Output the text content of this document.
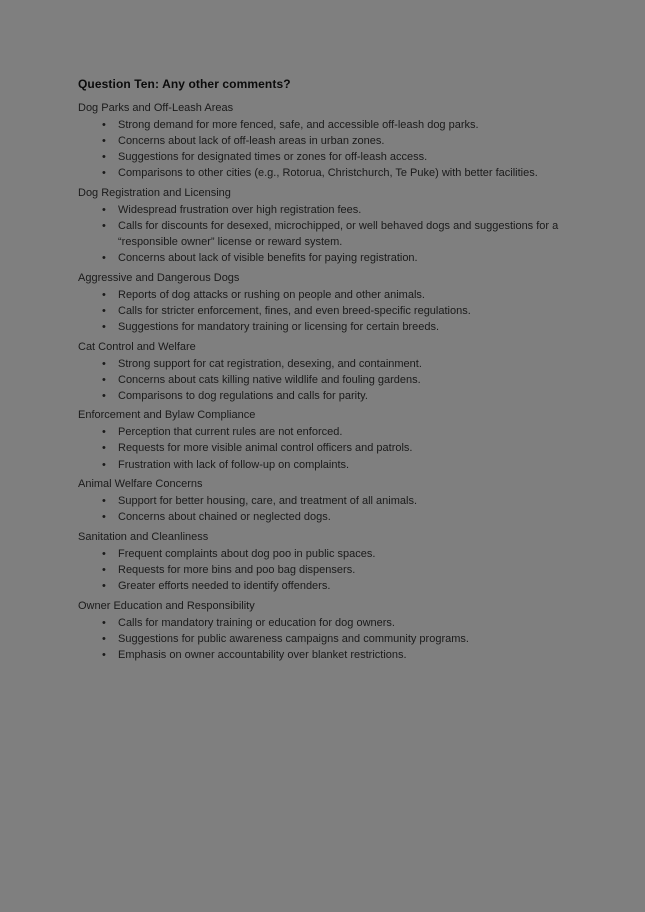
Question Ten: Any other comments?
Dog Parks and Off-Leash Areas
• Strong demand for more fenced, safe, and accessible off-leash dog parks.
• Concerns about lack of off-leash areas in urban zones.
• Suggestions for designated times or zones for off-leash access.
• Comparisons to other cities (e.g., Rotorua, Christchurch, Te Puke) with better facilities.
Dog Registration and Licensing
• Widespread frustration over high registration fees.
• Calls for discounts for desexed, microchipped, or well behaved dogs and suggestions for a “responsible owner” license or reward system.
• Concerns about lack of visible benefits for paying registration.
Aggressive and Dangerous Dogs
• Reports of dog attacks or rushing on people and other animals.
• Calls for stricter enforcement, fines, and even breed-specific regulations.
• Suggestions for mandatory training or licensing for certain breeds.
Cat Control and Welfare
• Strong support for cat registration, desexing, and containment.
• Concerns about cats killing native wildlife and fouling gardens.
• Comparisons to dog regulations and calls for parity.
Enforcement and Bylaw Compliance
• Perception that current rules are not enforced.
• Requests for more visible animal control officers and patrols.
• Frustration with lack of follow-up on complaints.
Animal Welfare Concerns
• Support for better housing, care, and treatment of all animals.
• Concerns about chained or neglected dogs.
Sanitation and Cleanliness
• Frequent complaints about dog poo in public spaces.
• Requests for more bins and poo bag dispensers.
• Greater efforts needed to identify offenders.
Owner Education and Responsibility
• Calls for mandatory training or education for dog owners.
• Suggestions for public awareness campaigns and community programs.
• Emphasis on owner accountability over blanket restrictions.
